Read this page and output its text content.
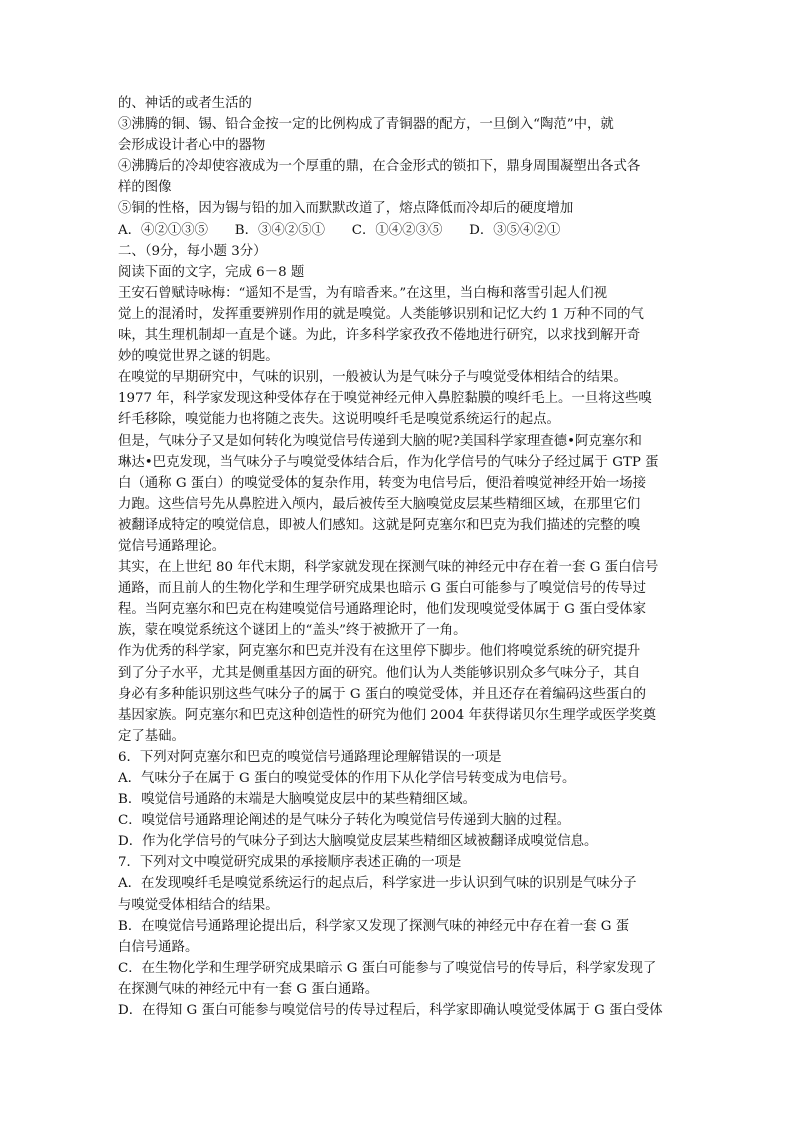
的、神话的或者生活的
③沸腾的铜、锡、铅合金按一定的比例构成了青铜器的配方，一旦倒入“陶范”中，就
会形成设计者心中的器物
④沸腾后的冷却使容液成为一个厚重的鼎，在合金形式的锁扣下，鼎身周围凝塑出各式各
样的图像
⑤铜的性格，因为锡与铅的加入而默默改道了，熔点降低而冷却后的硬度增加
A．④②①③⑤　　B．③④②⑤①　　C．①④②③⑤　　D．③⑤④②①
二、（9分，每小题 3分）
阅读下面的文字，完成 6－8 题
王安石曾赋诗咏梅：“遥知不是雪，为有暗香来。”在这里，当白梅和落雪引起人们视
觉上的混淆时，发挥重要辨别作用的就是嗅觉。人类能够识别和记忆大约 1 万种不同的气
味，其生理机制却一直是个谜。为此，许多科学家孜孜不倦地进行研究，以求找到解开奇
妙的嗅觉世界之谜的钥匙。
在嗅觉的早期研究中，气味的识别，一般被认为是气味分子与嗅觉受体相结合的结果。
1977 年，科学家发现这种受体存在于嗅觉神经元伸入鼻腔黏膜的嗅纤毛上。一旦将这些嗅
纤毛移除，嗅觉能力也将随之丧失。这说明嗅纤毛是嗅觉系统运行的起点。
但是，气味分子又是如何转化为嗅觉信号传递到大脑的呢?美国科学家理查德•阿克塞尔和
琳达•巴克发现，当气味分子与嗅觉受体结合后，作为化学信号的气味分子经过属于 GTP 蛋
白（通称 G 蛋白）的嗅觉受体的复杂作用，转变为电信号后，便沿着嗅觉神经开始一场接
力跑。这些信号先从鼻腔进入颅内，最后被传至大脑嗅觉皮层某些精细区域，在那里它们
被翻译成特定的嗅觉信息，即被人们感知。这就是阿克塞尔和巴克为我们描述的完整的嗅
觉信号通路理论。
其实，在上世纪 80 年代末期，科学家就发现在探测气味的神经元中存在着一套 G 蛋白信号
通路，而且前人的生物化学和生理学研究成果也暗示 G 蛋白可能参与了嗅觉信号的传导过
程。当阿克塞尔和巴克在构建嗅觉信号通路理论时，他们发现嗅觉受体属于 G 蛋白受体家
族，蒙在嗅觉系统这个谜团上的“盖头”终于被掀开了一角。
作为优秀的科学家，阿克塞尔和巴克并没有在这里停下脚步。他们将嗅觉系统的研究提升
到了分子水平，尤其是侧重基因方面的研究。他们认为人类能够识别众多气味分子，其自
身必有多种能识别这些气味分子的属于 G 蛋白的嗅觉受体，并且还存在着编码这些蛋白的
基因家族。阿克塞尔和巴克这种创造性的研究为他们 2004 年获得诺贝尔生理学或医学奖奠
定了基础。
6．下列对阿克塞尔和巴克的嗅觉信号通路理论理解错误的一项是
A．气味分子在属于 G 蛋白的嗅觉受体的作用下从化学信号转变成为电信号。
B．嗅觉信号通路的末端是大脑嗅觉皮层中的某些精细区域。
C．嗅觉信号通路理论阐述的是气味分子转化为嗅觉信号传递到大脑的过程。
D．作为化学信号的气味分子到达大脑嗅觉皮层某些精细区域被翻译成嗅觉信息。
7．下列对文中嗅觉研究成果的承接顺序表述正确的一项是
A．在发现嗅纤毛是嗅觉系统运行的起点后，科学家进一步认识到气味的识别是气味分子
与嗅觉受体相结合的结果。
B．在嗅觉信号通路理论提出后，科学家又发现了探测气味的神经元中存在着一套 G 蛋
白信号通路。
C．在生物化学和生理学研究成果暗示 G 蛋白可能参与了嗅觉信号的传导后，科学家发现了
在探测气味的神经元中有一套 G 蛋白通路。
D．在得知 G 蛋白可能参与嗅觉信号的传导过程后，科学家即确认嗅觉受体属于 G 蛋白受体
